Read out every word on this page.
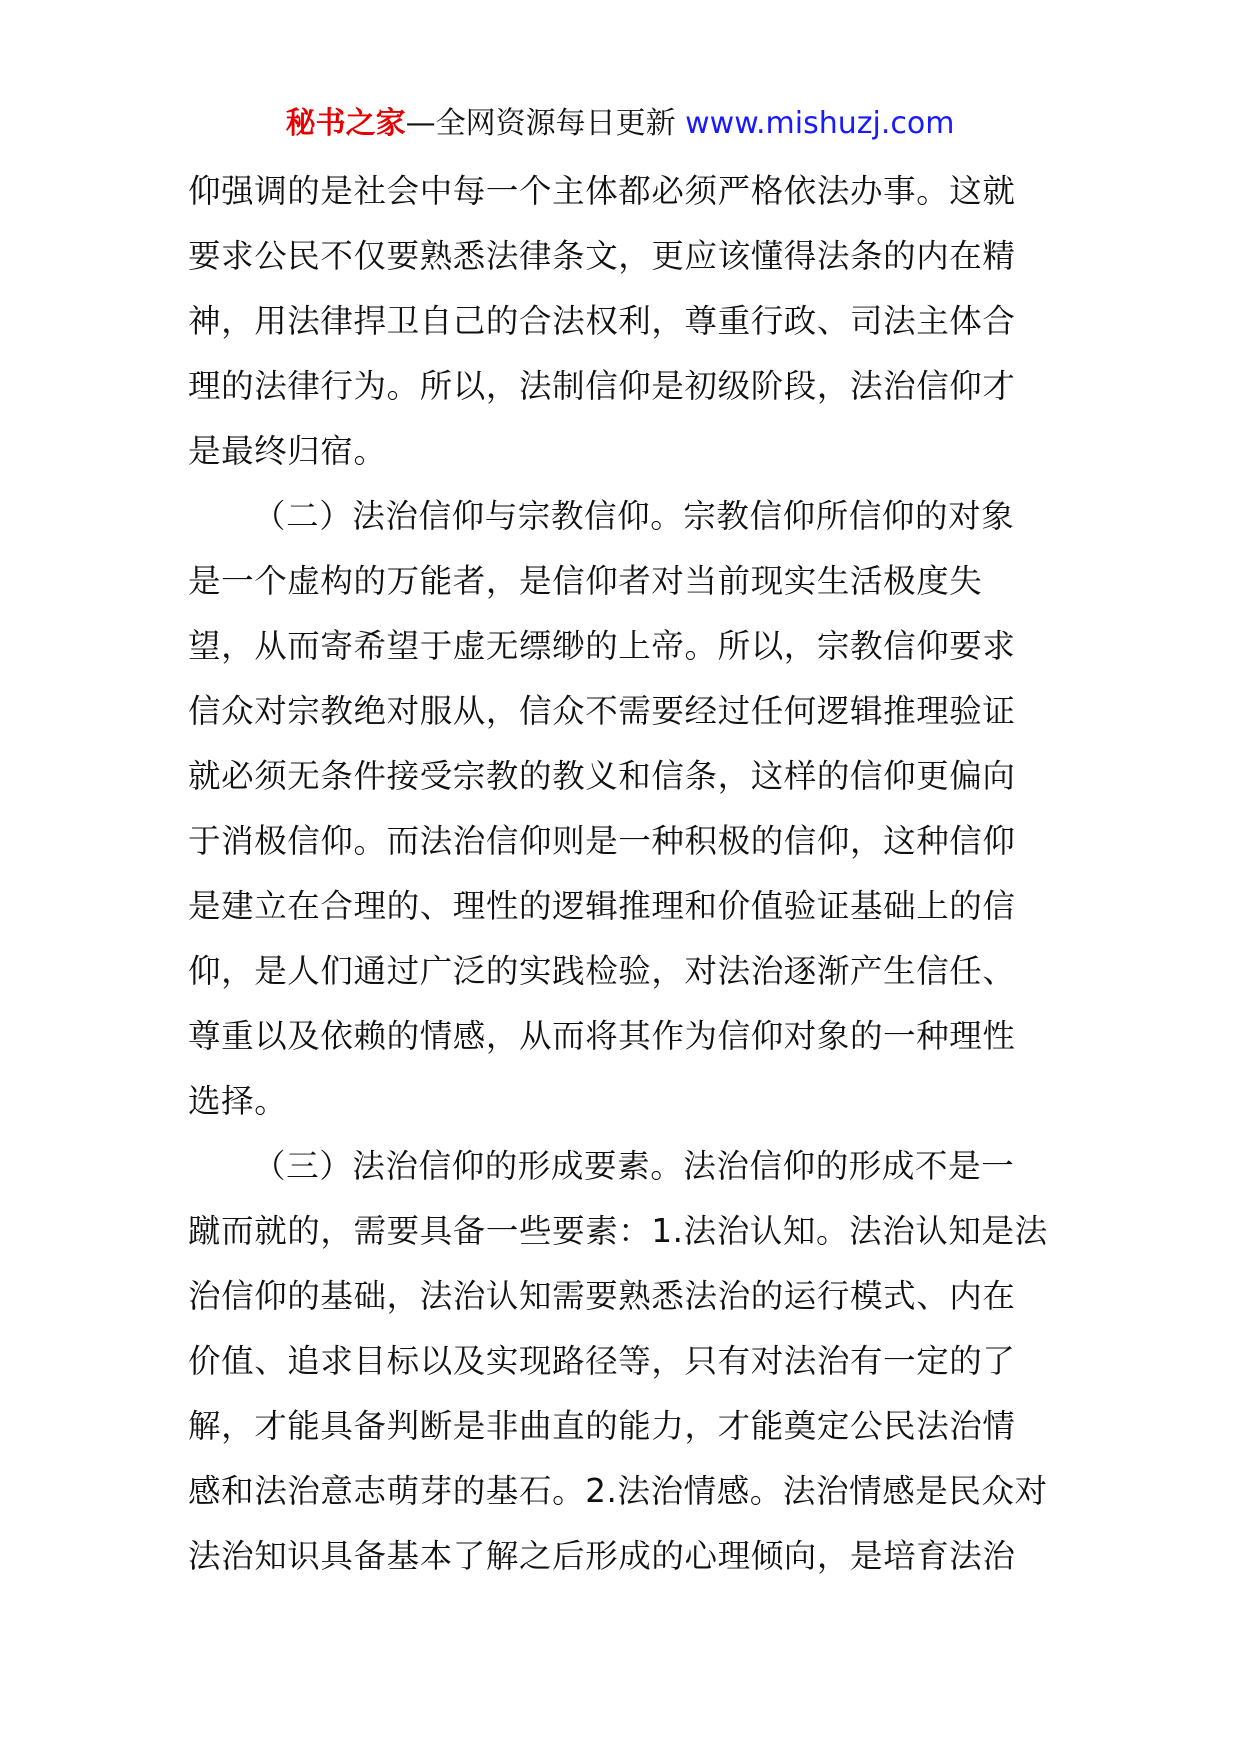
秘书之家—全网资源每日更新 www.mishuzj.com
仰强调的是社会中每一个主体都必须严格依法办事。这就
要求公民不仅要熟悉法律条文，更应该懂得法条的内在精
神，用法律捍卫自己的合法权利，尊重行政、司法主体合
理的法律行为。所以，法制信仰是初级阶段，法治信仰才
是最终归宿。
（二）法治信仰与宗教信仰。宗教信仰所信仰的对象
是一个虚构的万能者，是信仰者对当前现实生活极度失
望，从而寄希望于虚无缥缈的上帝。所以，宗教信仰要求
信众对宗教绝对服从，信众不需要经过任何逻辑推理验证
就必须无条件接受宗教的教义和信条，这样的信仰更偏向
于消极信仰。而法治信仰则是一种积极的信仰，这种信仰
是建立在合理的、理性的逻辑推理和价值验证基础上的信
仰，是人们通过广泛的实践检验，对法治逐渐产生信任、
尊重以及依赖的情感，从而将其作为信仰对象的一种理性
选择。
（三）法治信仰的形成要素。法治信仰的形成不是一
蹴而就的，需要具备一些要素：1.法治认知。法治认知是法
治信仰的基础，法治认知需要熟悉法治的运行模式、内在
价值、追求目标以及实现路径等，只有对法治有一定的了
解，才能具备判断是非曲直的能力，才能奠定公民法治情
感和法治意志萌芽的基石。2.法治情感。法治情感是民众对
法治知识具备基本了解之后形成的心理倾向，是培育法治
